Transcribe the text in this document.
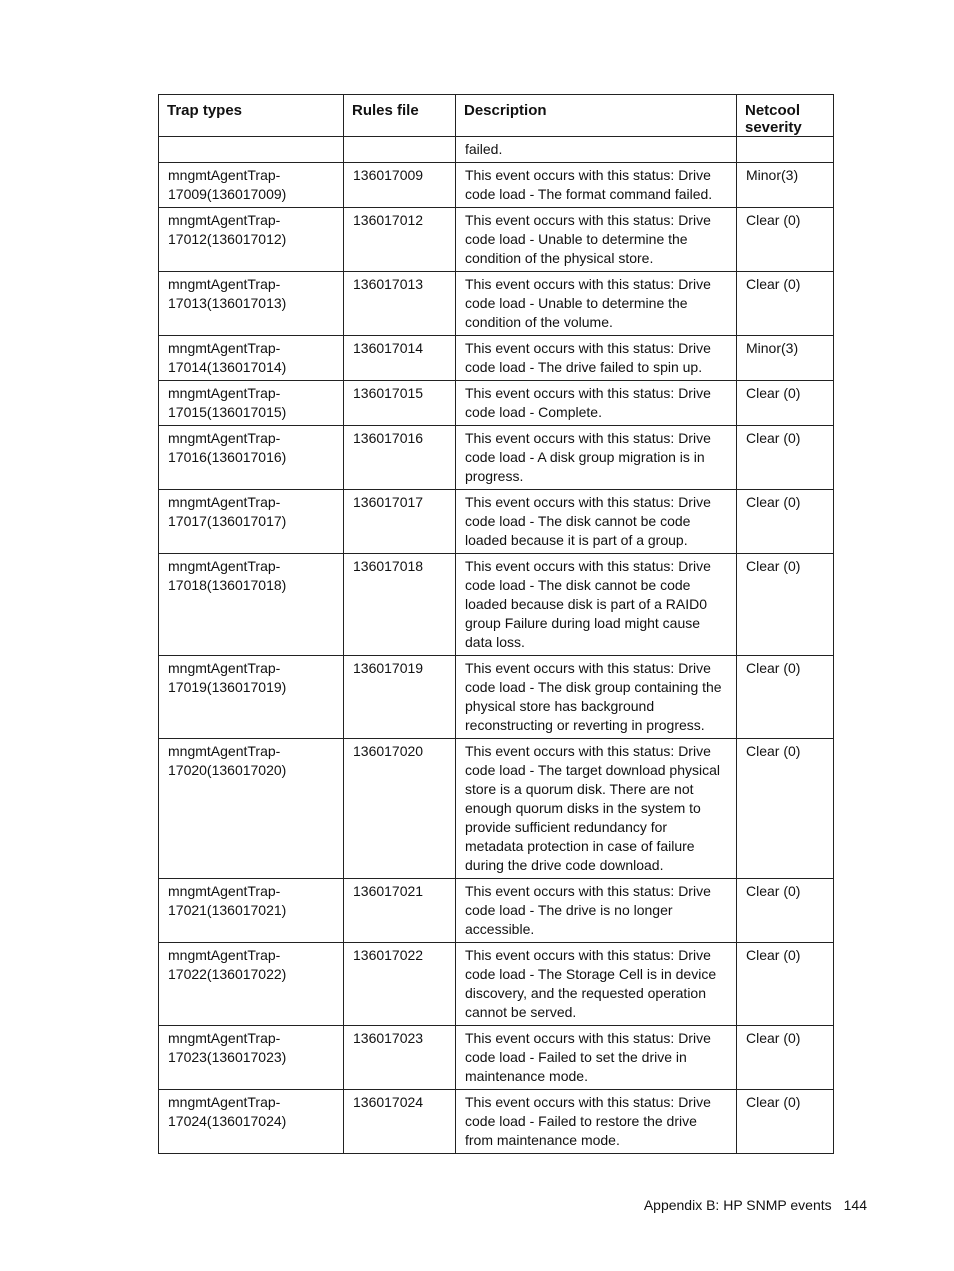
Trap types	Rules file	Description	Netcool
severity

		failed.	

mngmtAgentTrap-
17009(136017009)	136017009	This event occurs with this status: Drive code load - The format command failed.	Minor(3)

mngmtAgentTrap-
17012(136017012)	136017012	This event occurs with this status: Drive code load - Unable to determine the condition of the physical store.	Clear (0)

mngmtAgentTrap-
17013(136017013)	136017013	This event occurs with this status: Drive code load - Unable to determine the condition of the volume.	Clear (0)

mngmtAgentTrap-
17014(136017014)	136017014	This event occurs with this status: Drive code load - The drive failed to spin up.	Minor(3)

mngmtAgentTrap-
17015(136017015)	136017015	This event occurs with this status: Drive code load - Complete.	Clear (0)

mngmtAgentTrap-
17016(136017016)	136017016	This event occurs with this status: Drive code load - A disk group migration is in progress.	Clear (0)

mngmtAgentTrap-
17017(136017017)	136017017	This event occurs with this status: Drive code load - The disk cannot be code loaded because it is part of a group.	Clear (0)

mngmtAgentTrap-
17018(136017018)	136017018	This event occurs with this status: Drive code load - The disk cannot be code loaded because disk is part of a RAID0 group Failure during load might cause data loss.	Clear (0)

mngmtAgentTrap-
17019(136017019)	136017019	This event occurs with this status: Drive code load - The disk group containing the physical store has background reconstructing or reverting in progress.	Clear (0)

mngmtAgentTrap-
17020(136017020)	136017020	This event occurs with this status: Drive code load - The target download physical store is a quorum disk. There are not enough quorum disks in the system to provide sufficient redundancy for metadata protection in case of failure during the drive code download.	Clear (0)

mngmtAgentTrap-
17021(136017021)	136017021	This event occurs with this status: Drive code load - The drive is no longer accessible.	Clear (0)

mngmtAgentTrap-
17022(136017022)	136017022	This event occurs with this status: Drive code load - The Storage Cell is in device discovery, and the requested operation cannot be served.	Clear (0)

mngmtAgentTrap-
17023(136017023)	136017023	This event occurs with this status: Drive code load - Failed to set the drive in maintenance mode.	Clear (0)

mngmtAgentTrap-
17024(136017024)	136017024	This event occurs with this status: Drive code load - Failed to restore the drive from maintenance mode.	Clear (0)
Appendix B: HP SNMP events 144
